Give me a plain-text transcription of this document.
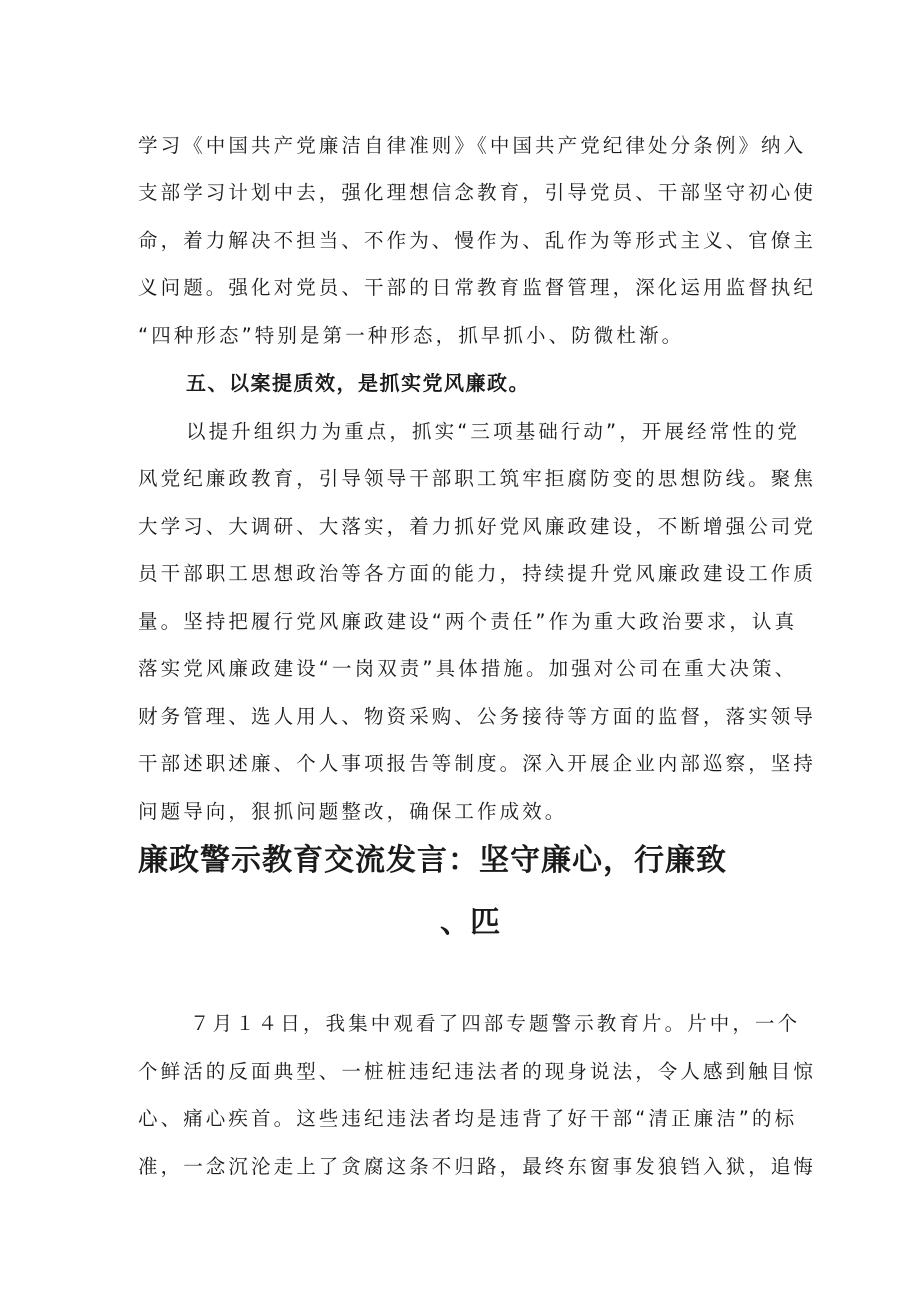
学习《中国共产党廉洁自律准则》《中国共产党纪律处分条例》纳入
支部学习计划中去，强化理想信念教育，引导党员、干部坚守初心使
命，着力解决不担当、不作为、慢作为、乱作为等形式主义、官僚主
义问题。强化对党员、干部的日常教育监督管理，深化运用监督执纪
“四种形态”特别是第一种形态，抓早抓小、防微杜渐。
五、以案提质效，是抓实党风廉政。
以提升组织力为重点，抓实“三项基础行动”，开展经常性的党
风党纪廉政教育，引导领导干部职工筑牢拒腐防变的思想防线。聚焦
大学习、大调研、大落实，着力抓好党风廉政建设，不断增强公司党
员干部职工思想政治等各方面的能力，持续提升党风廉政建设工作质
量。坚持把履行党风廉政建设“两个责任”作为重大政治要求，认真
落实党风廉政建设“一岗双责”具体措施。加强对公司在重大决策、
财务管理、选人用人、物资采购、公务接待等方面的监督，落实领导
干部述职述廉、个人事项报告等制度。深入开展企业内部巡察，坚持
问题导向，狠抓问题整改，确保工作成效。
廉政警示教育交流发言：坚守廉心，行廉致
、匹
７月１４日，我集中观看了四部专题警示教育片。片中，一个
个鲜活的反面典型、一桩桩违纪违法者的现身说法，令人感到触目惊
心、痛心疾首。这些违纪违法者均是违背了好干部“清正廉洁”的标
准，一念沉沦走上了贪腐这条不归路，最终东窗事发狼铛入狱，追悔
